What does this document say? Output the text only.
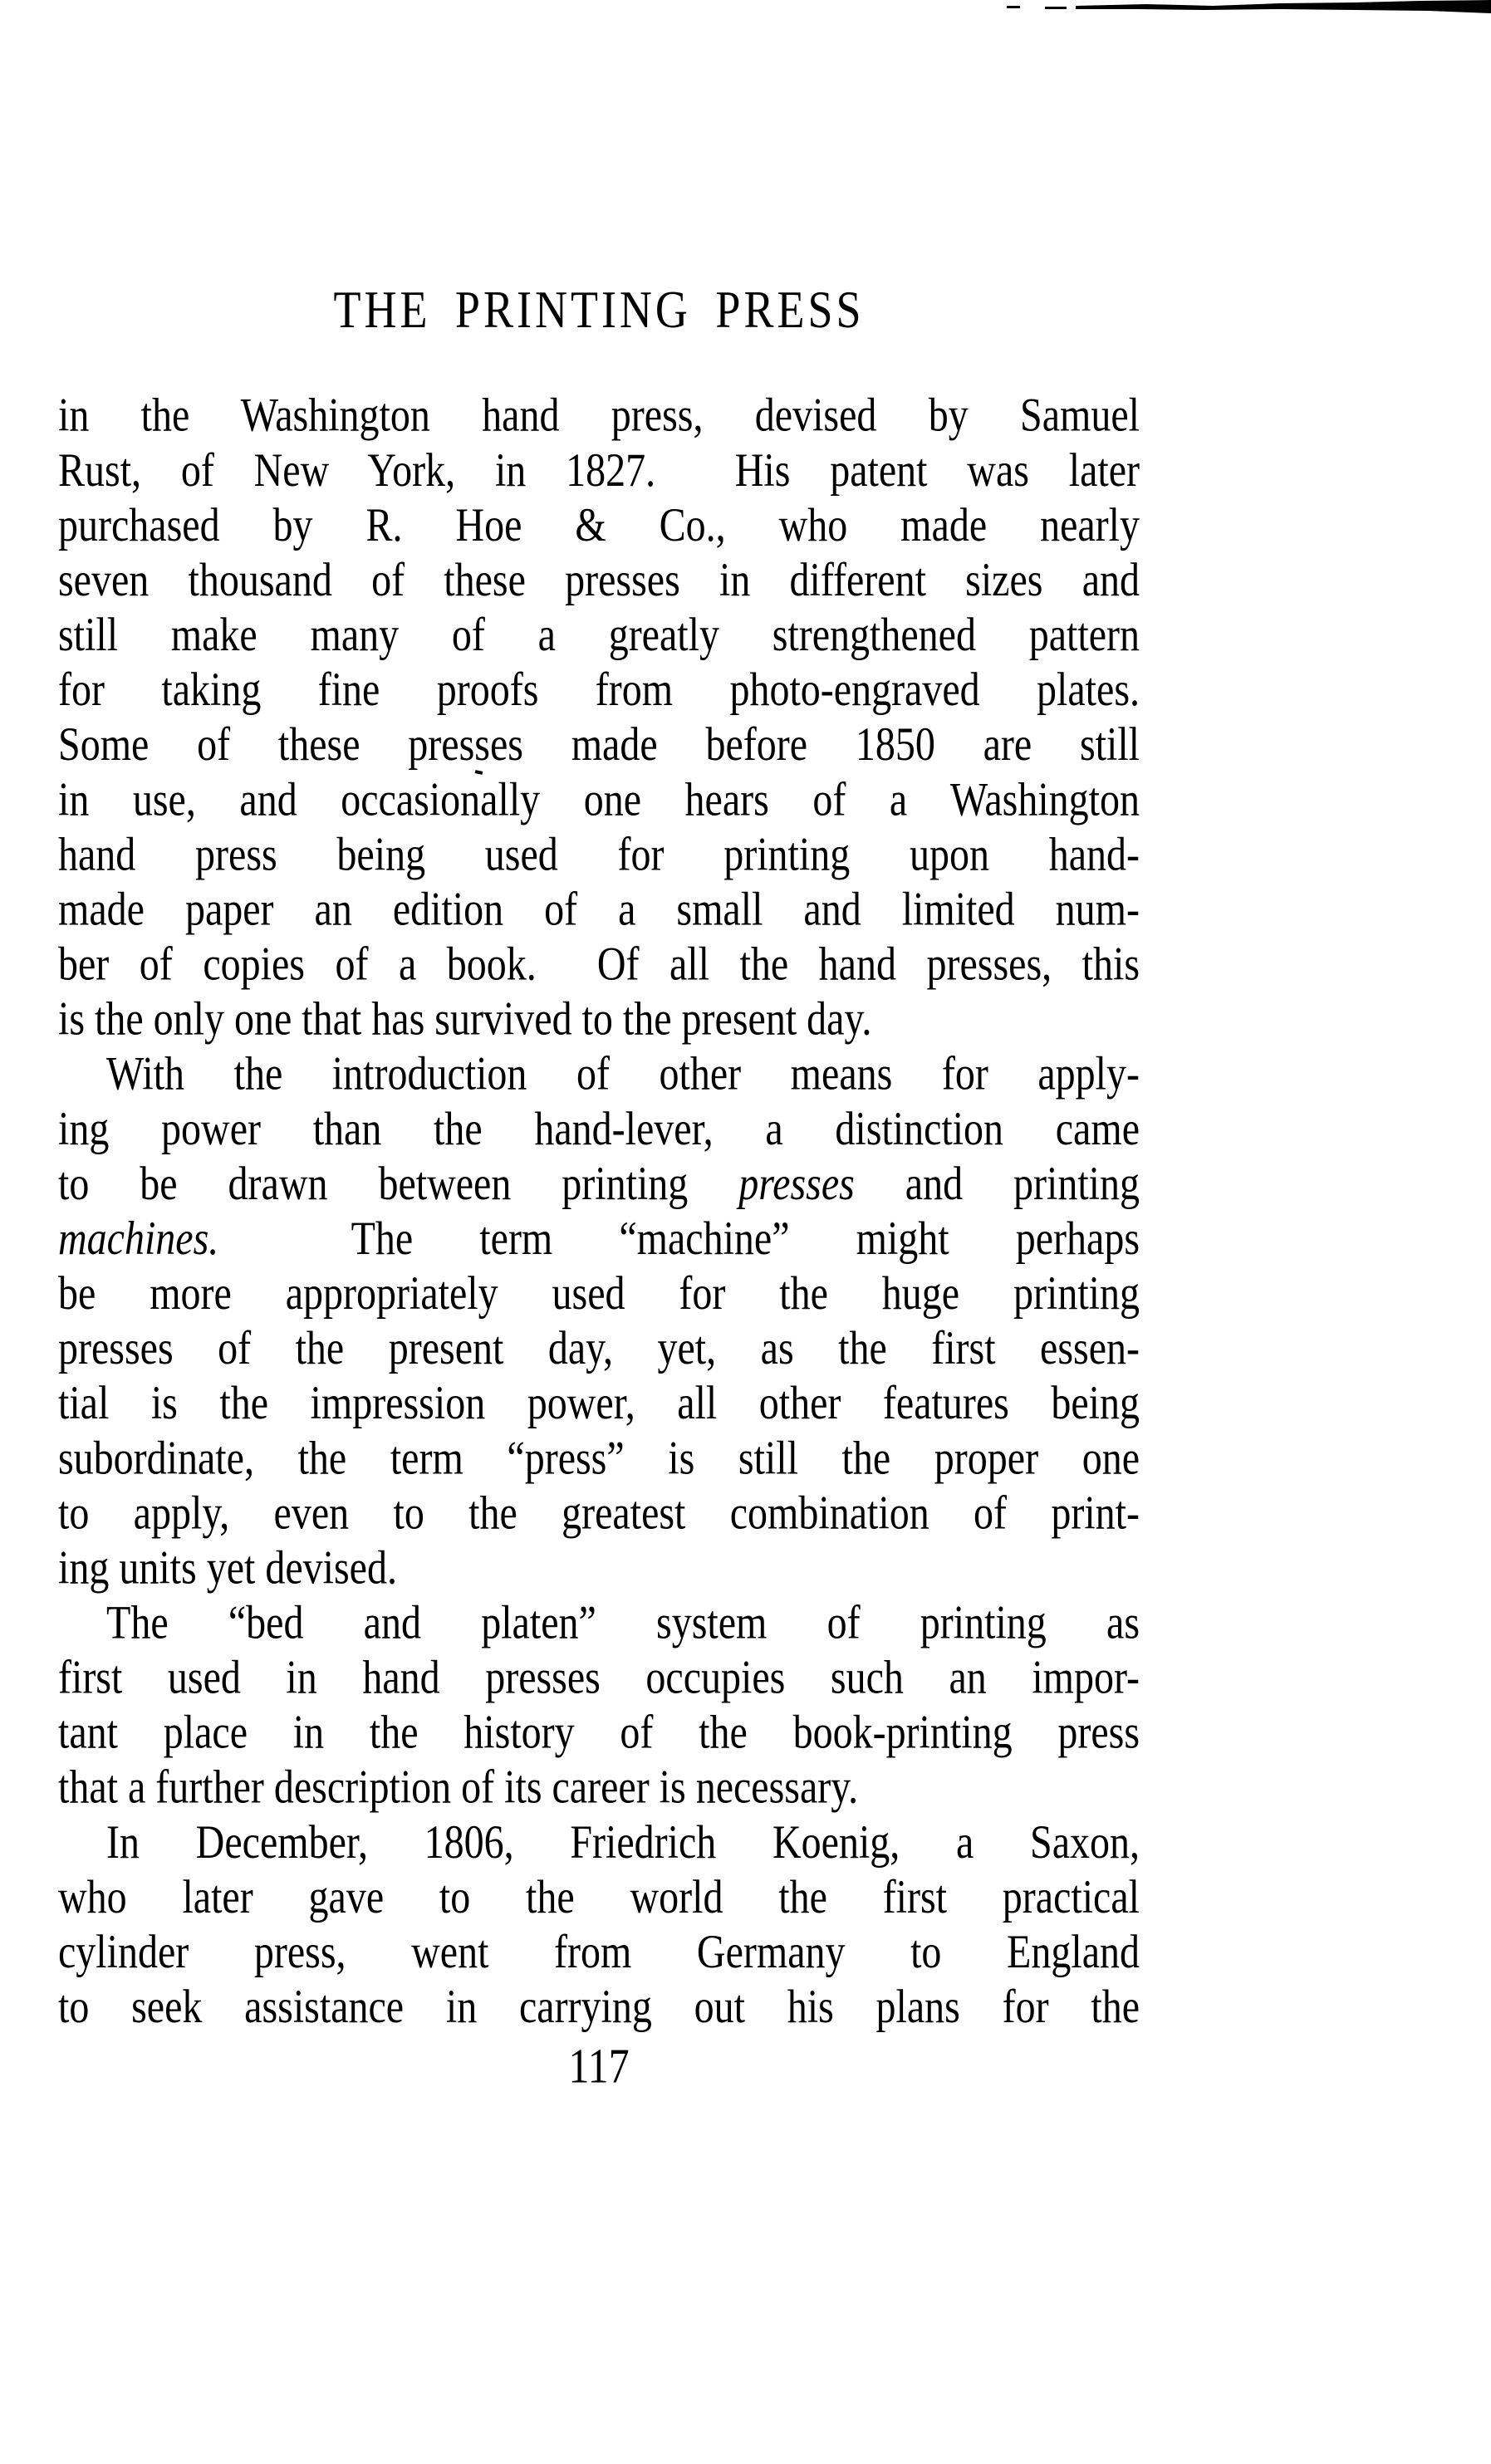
THE PRINTING PRESS
in the Washington hand press, devised by Samuel
Rust, of New York, in 1827.  His patent was later
purchased by R. Hoe & Co., who made nearly
seven thousand of these presses in different sizes and
still make many of a greatly strengthened pattern
for taking fine proofs from photo-engraved plates.
Some of these presses made before 1850 are still
in use, and occasionally one hears of a Washington
hand press being used for printing upon hand-
made paper an edition of a small and limited num-
ber of copies of a book.  Of all the hand presses, this
is the only one that has survived to the present day.
With the introduction of other means for apply-
ing power than the hand-lever, a distinction came
to be drawn between printing presses and printing
machines.  The term “machine” might perhaps
be more appropriately used for the huge printing
presses of the present day, yet, as the first essen-
tial is the impression power, all other features being
subordinate, the term “press” is still the proper one
to apply, even to the greatest combination of print-
ing units yet devised.
The “bed and platen” system of printing as
first used in hand presses occupies such an impor-
tant place in the history of the book-printing press
that a further description of its career is necessary.
In December, 1806, Friedrich Koenig, a Saxon,
who later gave to the world the first practical
cylinder press, went from Germany to England
to seek assistance in carrying out his plans for the
117
